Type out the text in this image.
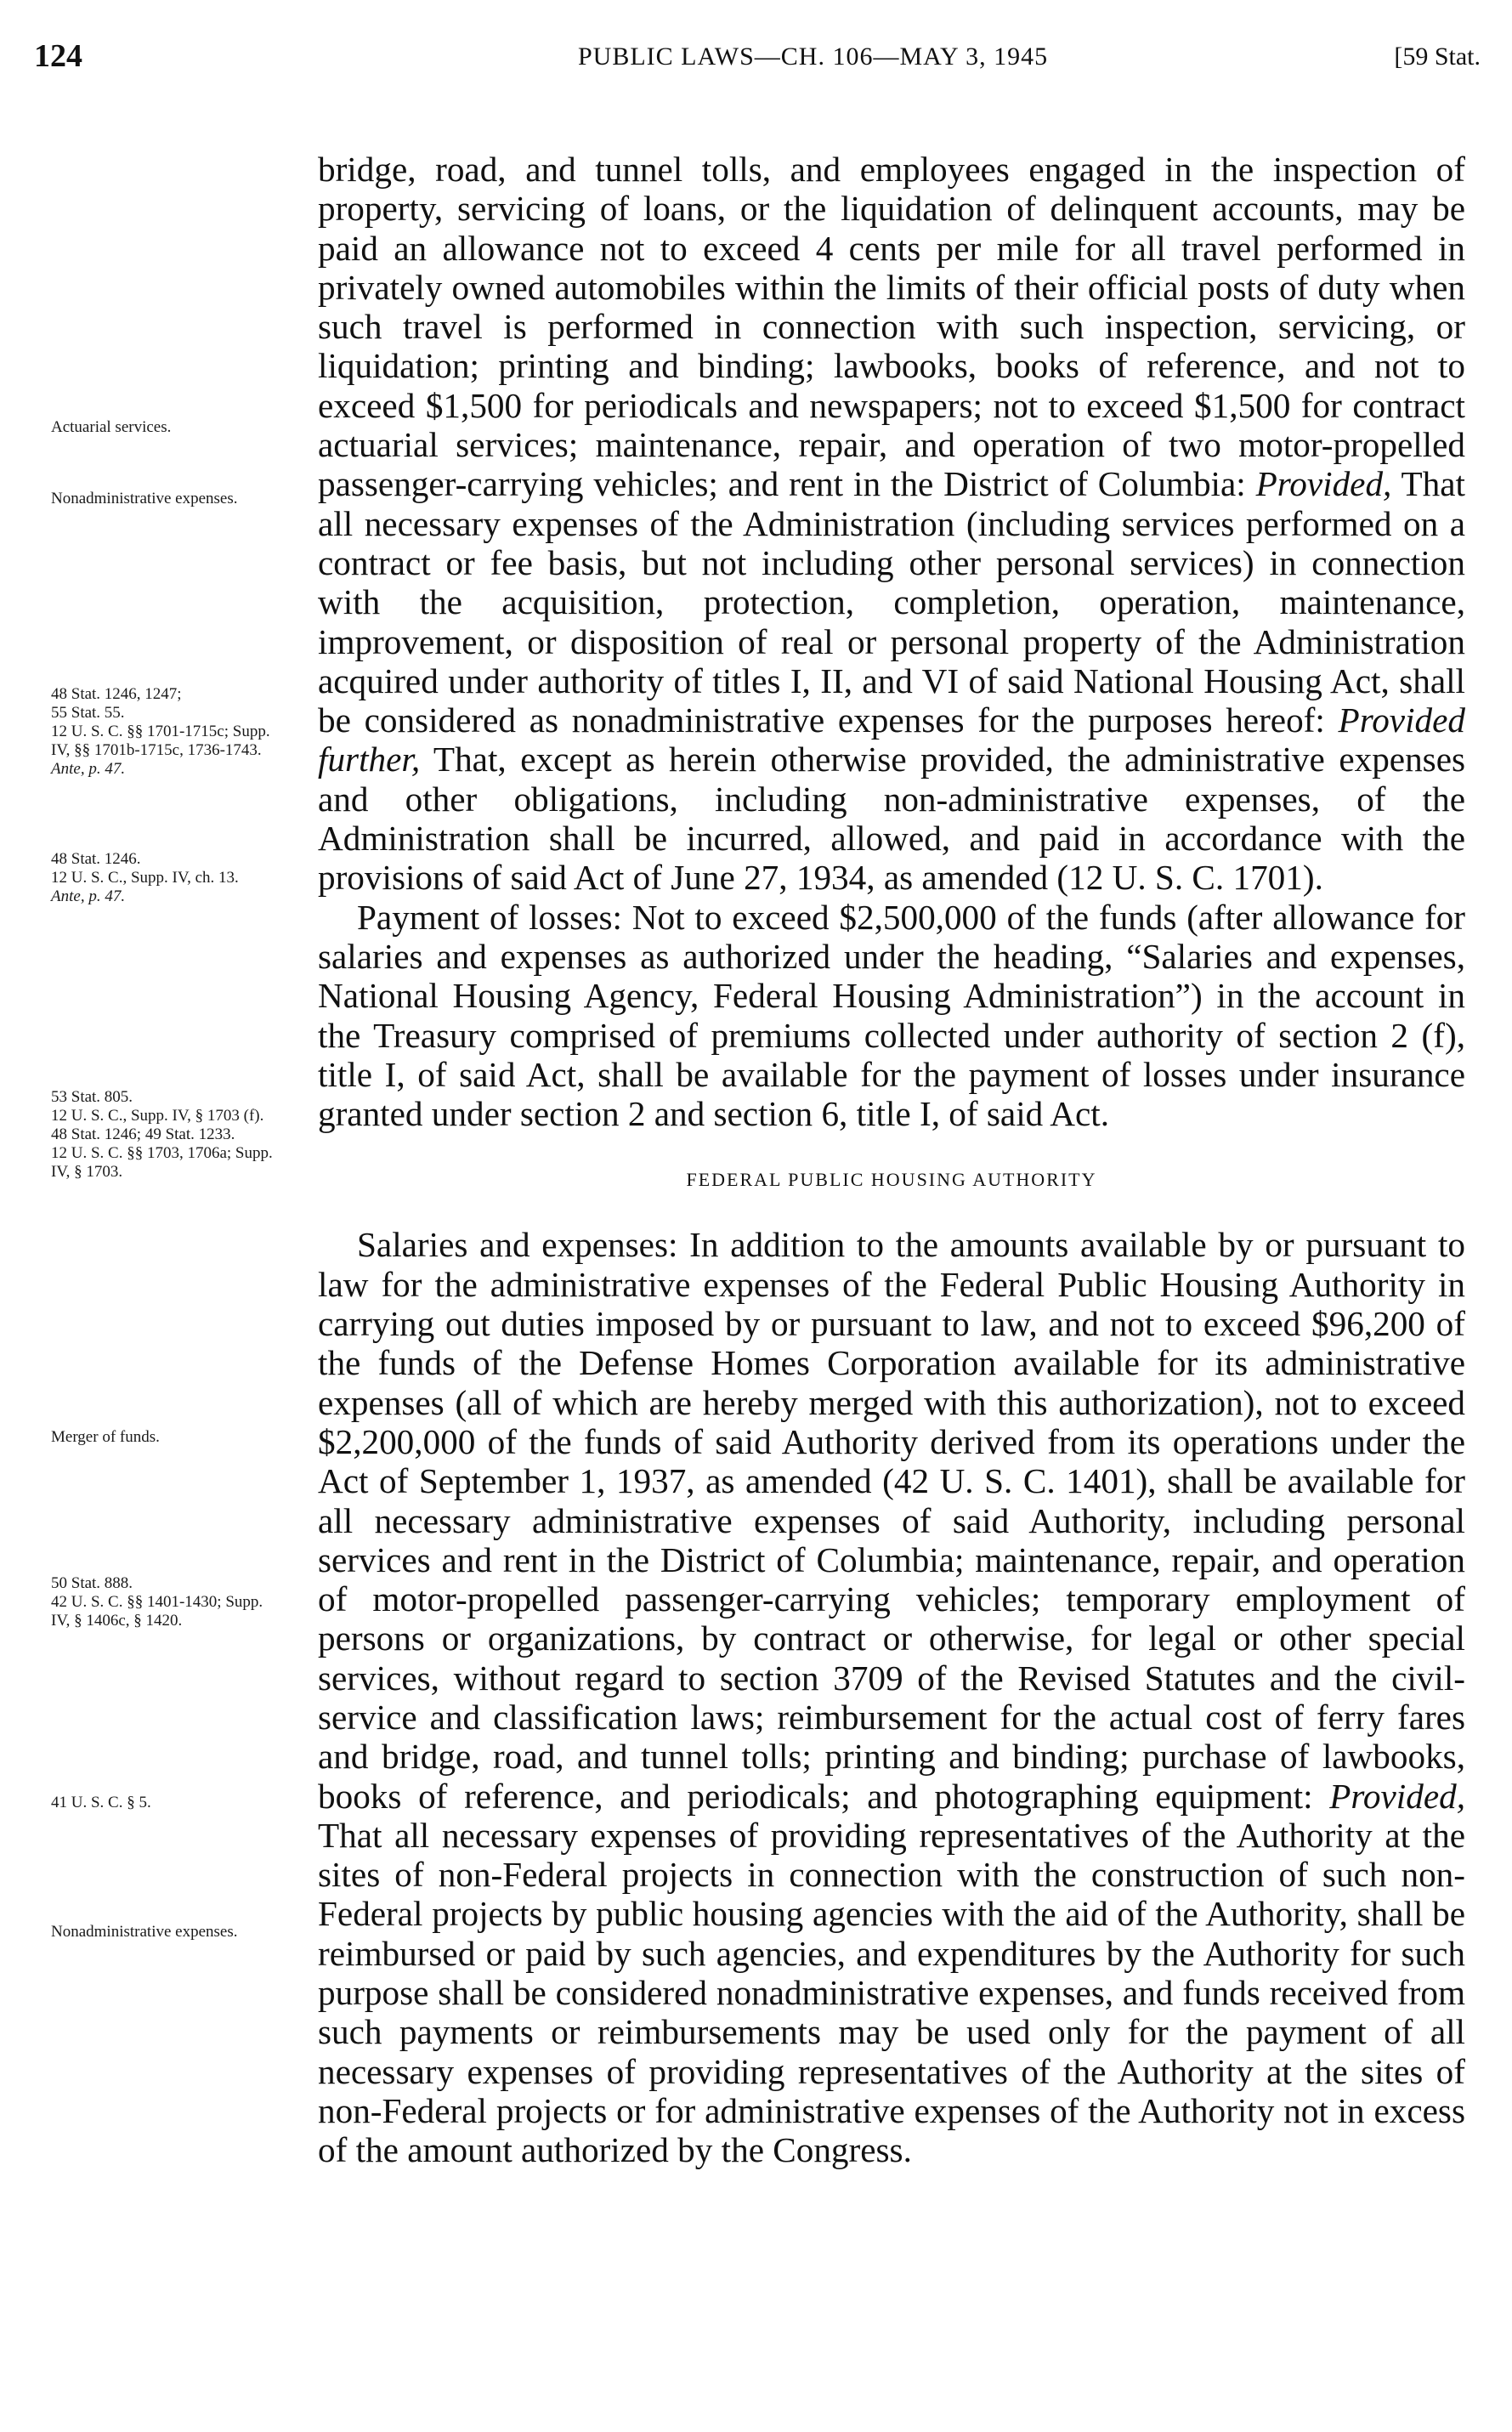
124	PUBLIC LAWS—CH. 106—MAY 3, 1945	[59 Stat.
Actuarial services.
Nonadministrative expenses.
48 Stat. 1246, 1247;
55 Stat. 55.
12 U. S. C. §§ 1701-1715c; Supp. IV, §§ 1701b-1715c, 1736-1743.
Ante, p. 47.
48 Stat. 1246.
12 U. S. C., Supp. IV, ch. 13.
Ante, p. 47.
53 Stat. 805.
12 U. S. C., Supp. IV, § 1703 (f).
48 Stat. 1246; 49 Stat. 1233.
12 U. S. C. §§ 1703, 1706a; Supp. IV, § 1703.
Merger of funds.
50 Stat. 888.
42 U. S. C. §§ 1401-1430; Supp. IV, § 1406c, § 1420.
41 U. S. C. § 5.
Nonadministrative expenses.

bridge, road, and tunnel tolls, and employees engaged in the inspection of property, servicing of loans, or the liquidation of delinquent accounts, may be paid an allowance not to exceed 4 cents per mile for all travel performed in privately owned automobiles within the limits of their official posts of duty when such travel is performed in connection with such inspection, servicing, or liquidation; printing and binding; lawbooks, books of reference, and not to exceed $1,500 for periodicals and newspapers; not to exceed $1,500 for contract actuarial services; maintenance, repair, and operation of two motor-propelled passenger-carrying vehicles; and rent in the District of Columbia: Provided, That all necessary expenses of the Administration (including services performed on a contract or fee basis, but not including other personal services) in connection with the acquisition, protection, completion, operation, maintenance, improvement, or disposition of real or personal property of the Administration acquired under authority of titles I, II, and VI of said National Housing Act, shall be considered as nonadministrative expenses for the purposes hereof: Provided further, That, except as herein otherwise provided, the administrative expenses and other obligations, including non-administrative expenses, of the Administration shall be incurred, allowed, and paid in accordance with the provisions of said Act of June 27, 1934, as amended (12 U. S. C. 1701).

Payment of losses: Not to exceed $2,500,000 of the funds (after allowance for salaries and expenses as authorized under the heading, “Salaries and expenses, National Housing Agency, Federal Housing Administration”) in the account in the Treasury comprised of premiums collected under authority of section 2 (f), title I, of said Act, shall be available for the payment of losses under insurance granted under section 2 and section 6, title I, of said Act.

FEDERAL PUBLIC HOUSING AUTHORITY

Salaries and expenses: In addition to the amounts available by or pursuant to law for the administrative expenses of the Federal Public Housing Authority in carrying out duties imposed by or pursuant to law, and not to exceed $96,200 of the funds of the Defense Homes Corporation available for its administrative expenses (all of which are hereby merged with this authorization), not to exceed $2,200,000 of the funds of said Authority derived from its operations under the Act of September 1, 1937, as amended (42 U. S. C. 1401), shall be available for all necessary administrative expenses of said Authority, including personal services and rent in the District of Columbia; maintenance, repair, and operation of motor-propelled passenger-carrying vehicles; temporary employment of persons or organizations, by contract or otherwise, for legal or other special services, without regard to section 3709 of the Revised Statutes and the civil-service and classification laws; reimbursement for the actual cost of ferry fares and bridge, road, and tunnel tolls; printing and binding; purchase of lawbooks, books of reference, and periodicals; and photographing equipment: Provided, That all necessary expenses of providing representatives of the Authority at the sites of non-Federal projects in connection with the construction of such non-Federal projects by public housing agencies with the aid of the Authority, shall be reimbursed or paid by such agencies, and expenditures by the Authority for such purpose shall be considered nonadministrative expenses, and funds received from such payments or reimbursements may be used only for the payment of all necessary expenses of providing representatives of the Authority at the sites of non-Federal projects or for administrative expenses of the Authority not in excess of the amount authorized by the Congress.
